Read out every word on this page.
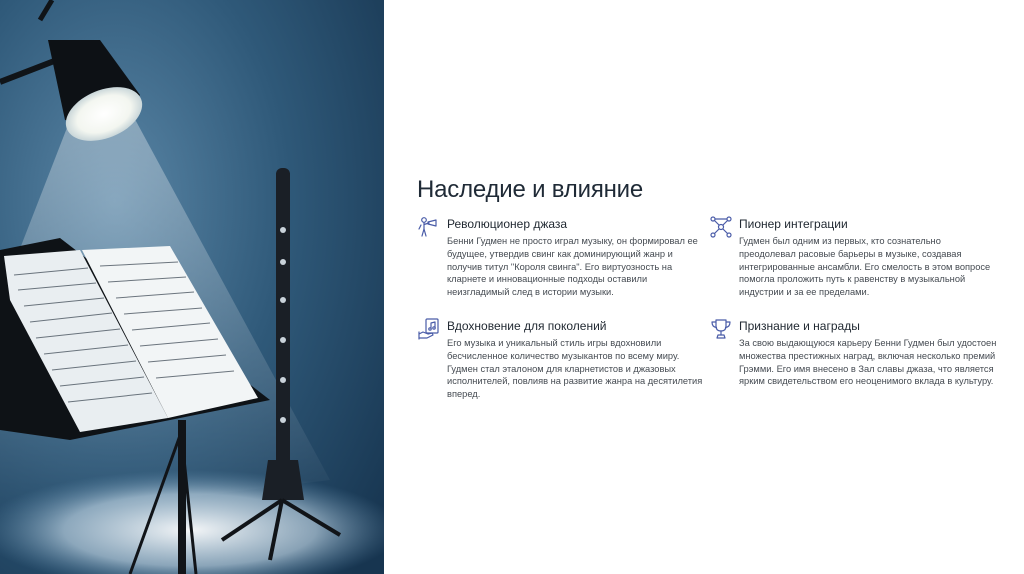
Наследие и влияние
Революционер джаза

Бенни Гудмен не просто играл музыку, он формировал ее будущее, утвердив свинг как доминирующий жанр и получив титул "Короля свинга". Его виртуозность на кларнете и инновационные подходы оставили неизгладимый след в истории музыки.

Пионер интеграции

Гудмен был одним из первых, кто сознательно преодолевал расовые барьеры в музыке, создавая интегрированные ансамбли. Его смелость в этом вопросе помогла проложить путь к равенству в музыкальной индустрии и за ее пределами.

Вдохновение для поколений

Его музыка и уникальный стиль игры вдохновили бесчисленное количество музыкантов по всему миру. Гудмен стал эталоном для кларнетистов и джазовых исполнителей, повлияв на развитие жанра на десятилетия вперед.

Признание и награды

За свою выдающуюся карьеру Бенни Гудмен был удостоен множества престижных наград, включая несколько премий Грэмми. Его имя внесено в Зал славы джаза, что является ярким свидетельством его неоценимого вклада в культуру.
